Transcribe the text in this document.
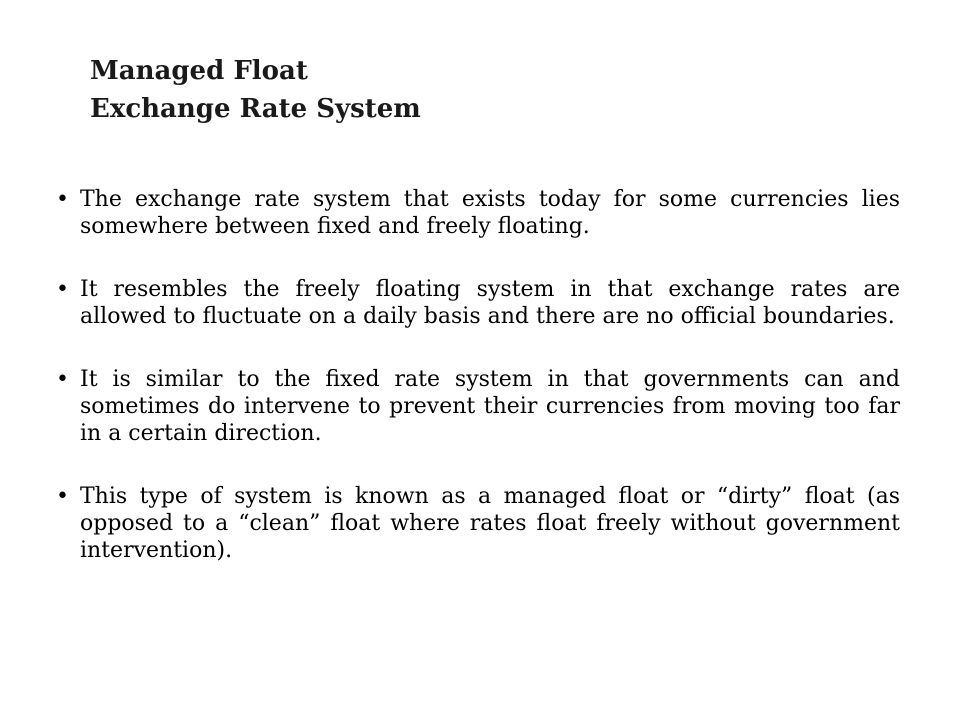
Managed Float
Exchange Rate System
• The exchange rate system that exists today for some currencies lies somewhere between fixed and freely floating.
• It resembles the freely floating system in that exchange rates are allowed to fluctuate on a daily basis and there are no official boundaries.
• It is similar to the fixed rate system in that governments can and sometimes do intervene to prevent their currencies from moving too far in a certain direction.
• This type of system is known as a managed float or “dirty” float (as opposed to a “clean” float where rates float freely without government intervention).
